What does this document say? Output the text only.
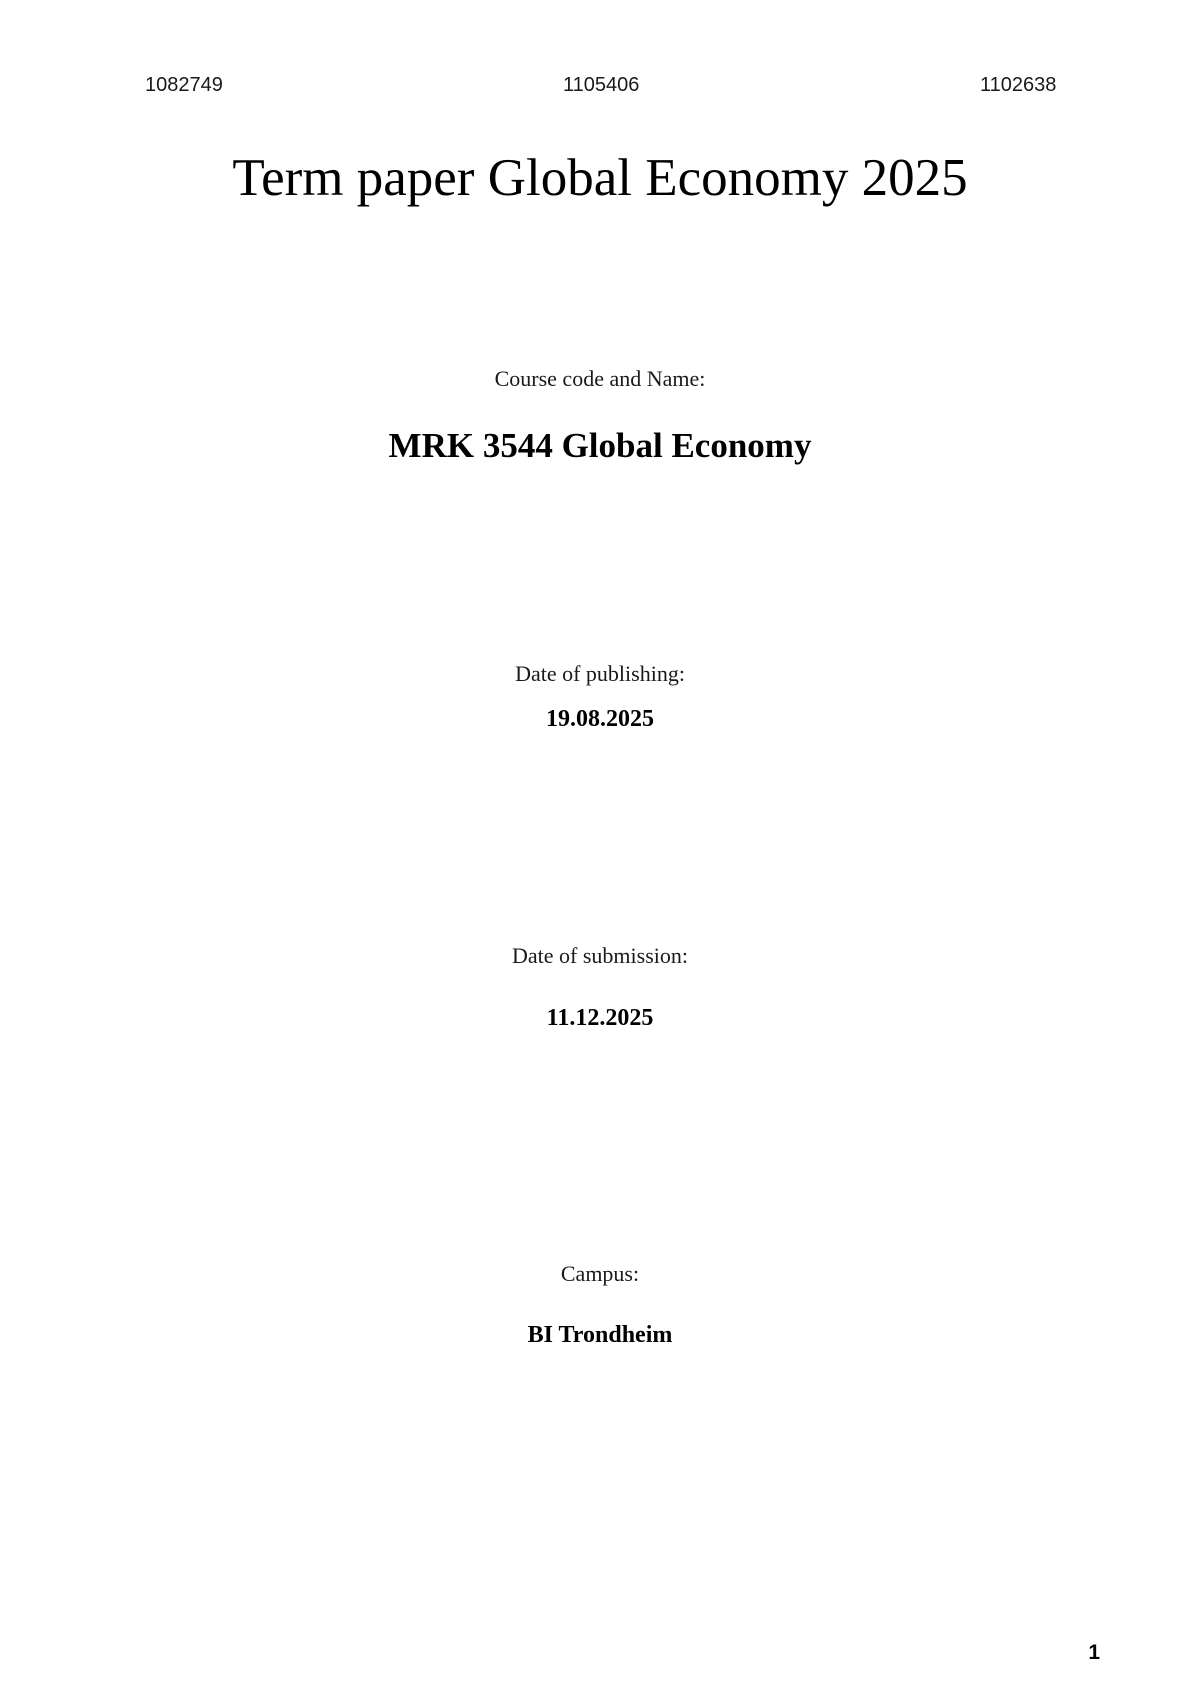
1082749	1105406	1102638
Term paper Global Economy 2025
Course code and Name:
MRK 3544 Global Economy
Date of publishing:
19.08.2025
Date of submission:
11.12.2025
Campus:
BI Trondheim
1
